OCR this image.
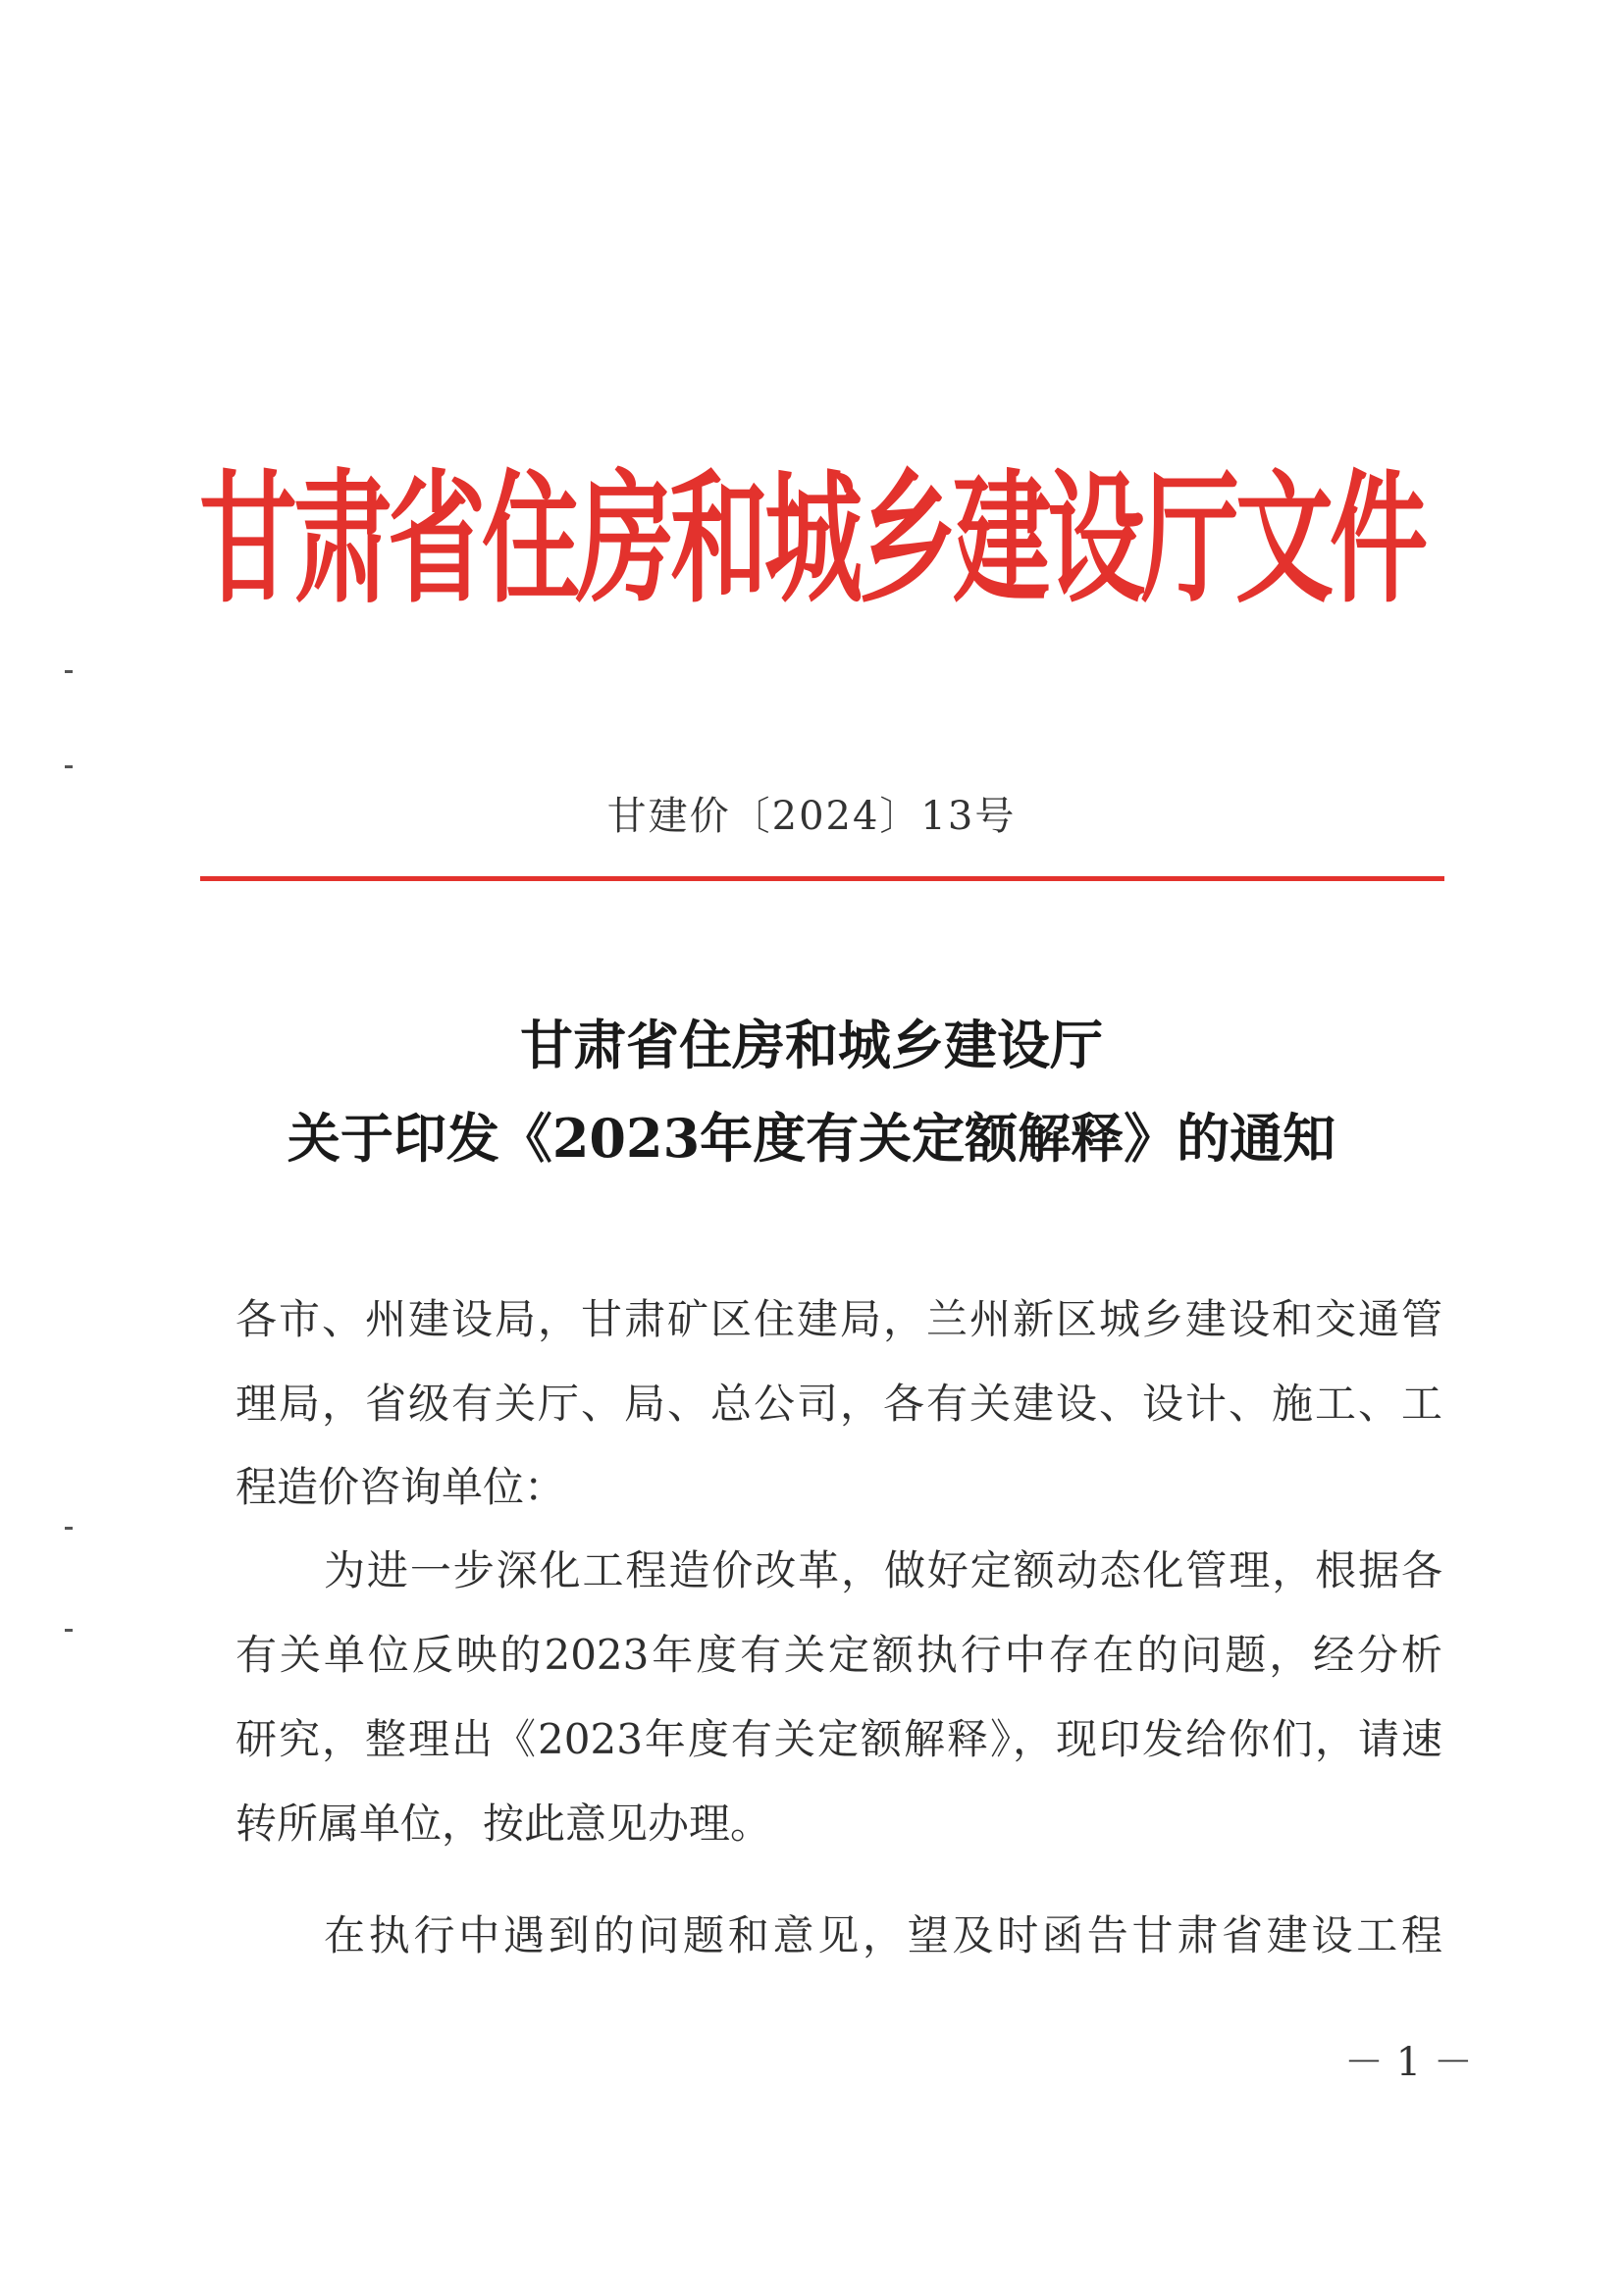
甘肃省住房和城乡建设厅文件
甘建价〔2024〕13号
甘肃省住房和城乡建设厅
关于印发《2023年度有关定额解释》的通知
各市、州建设局，甘肃矿区住建局，兰州新区城乡建设和交通管
理局，省级有关厅、局、总公司，各有关建设、设计、施工、工
程造价咨询单位：
为进一步深化工程造价改革，做好定额动态化管理，根据各
有关单位反映的2023年度有关定额执行中存在的问题，经分析
研究，整理出《2023年度有关定额解释》，现印发给你们，请速
转所属单位，按此意见办理。
在执行中遇到的问题和意见，望及时函告甘肃省建设工程
－ 1 －
